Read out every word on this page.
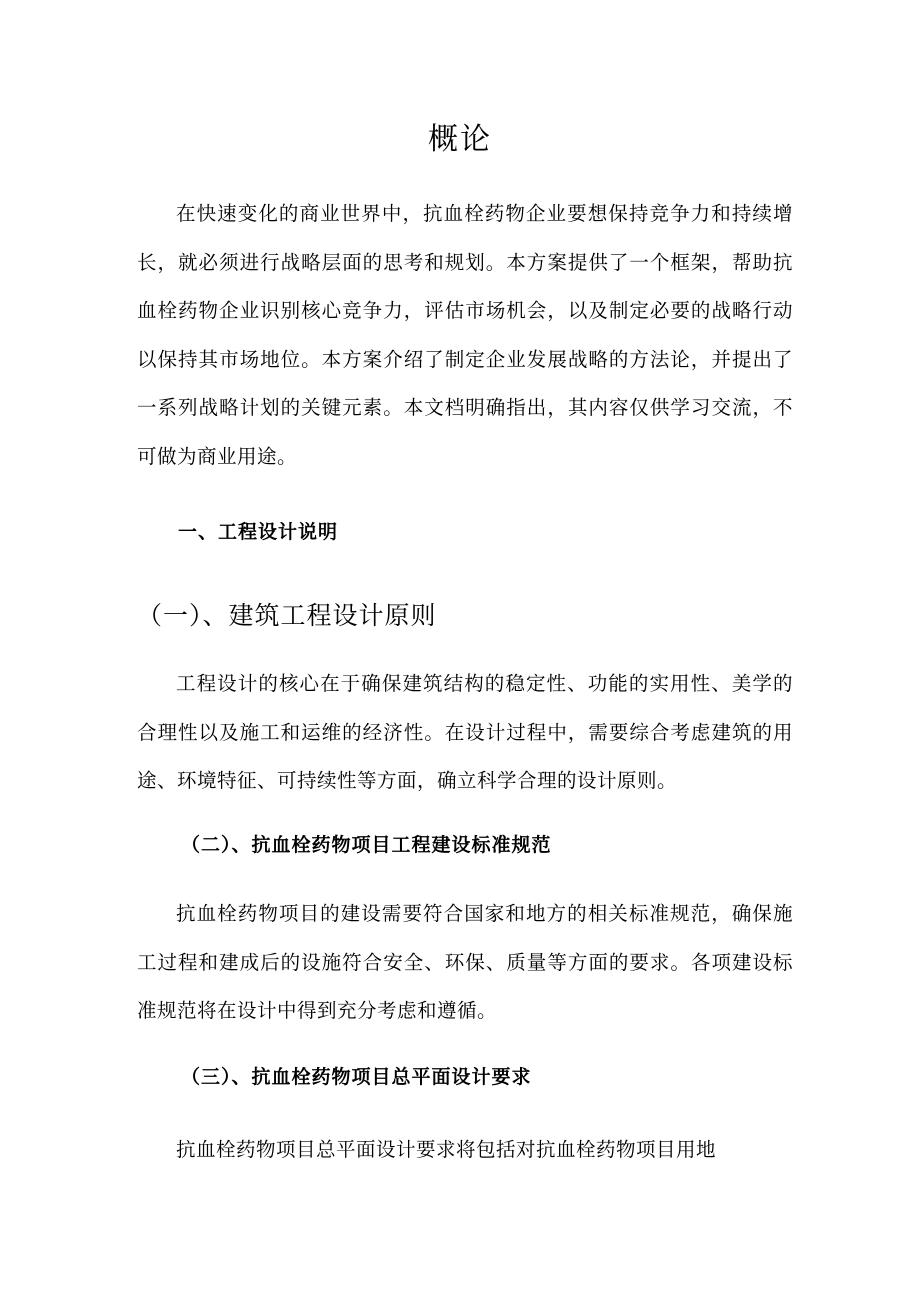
概论

在快速变化的商业世界中，抗血栓药物企业要想保持竞争力和持续增长，就必须进行战略层面的思考和规划。本方案提供了一个框架，帮助抗血栓药物企业识别核心竞争力，评估市场机会，以及制定必要的战略行动以保持其市场地位。本方案介绍了制定企业发展战略的方法论，并提出了一系列战略计划的关键元素。本文档明确指出，其内容仅供学习交流，不可做为商业用途。

一、工程设计说明
（一）、建筑工程设计原则

工程设计的核心在于确保建筑结构的稳定性、功能的实用性、美学的合理性以及施工和运维的经济性。在设计过程中，需要综合考虑建筑的用途、环境特征、可持续性等方面，确立科学合理的设计原则。

（二）、抗血栓药物项目工程建设标准规范

抗血栓药物项目的建设需要符合国家和地方的相关标准规范，确保施工过程和建成后的设施符合安全、环保、质量等方面的要求。各项建设标准规范将在设计中得到充分考虑和遵循。

（三）、抗血栓药物项目总平面设计要求

抗血栓药物项目总平面设计要求将包括对抗血栓药物项目用地
